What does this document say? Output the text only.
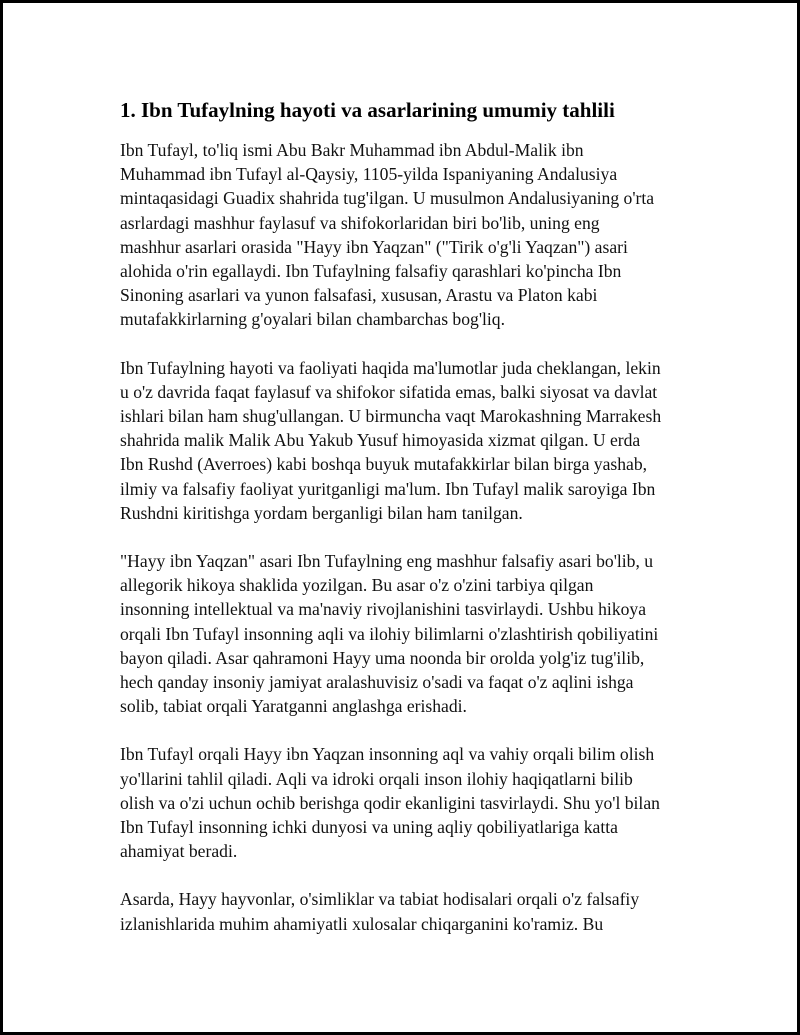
1. Ibn Tufaylning hayoti va asarlarining umumiy tahlili

Ibn Tufayl, to'liq ismi Abu Bakr Muhammad ibn Abdul-Malik ibn
Muhammad ibn Tufayl al-Qaysiy, 1105-yilda Ispaniyaning Andalusiya
mintaqasidagi Guadix shahrida tug'ilgan. U musulmon Andalusiyaning o'rta
asrlardagi mashhur faylasuf va shifokorlaridan biri bo'lib, uning eng
mashhur asarlari orasida "Hayy ibn Yaqzan" ("Tirik o'g'li Yaqzan") asari
alohida o'rin egallaydi. Ibn Tufaylning falsafiy qarashlari ko'pincha Ibn
Sinoning asarlari va yunon falsafasi, xususan, Arastu va Platon kabi
mutafakkirlarning g'oyalari bilan chambarchas bog'liq.

Ibn Tufaylning hayoti va faoliyati haqida ma'lumotlar juda cheklangan, lekin
u o'z davrida faqat faylasuf va shifokor sifatida emas, balki siyosat va davlat
ishlari bilan ham shug'ullangan. U birmuncha vaqt Marokashning Marrakesh
shahrida malik Malik Abu Yakub Yusuf himoyasida xizmat qilgan. U erda
Ibn Rushd (Averroes) kabi boshqa buyuk mutafakkirlar bilan birga yashab,
ilmiy va falsafiy faoliyat yuritganligi ma'lum. Ibn Tufayl malik saroyiga Ibn
Rushdni kiritishga yordam berganligi bilan ham tanilgan.

"Hayy ibn Yaqzan" asari Ibn Tufaylning eng mashhur falsafiy asari bo'lib, u
allegorik hikoya shaklida yozilgan. Bu asar o'z o'zini tarbiya qilgan
insonning intellektual va ma'naviy rivojlanishini tasvirlaydi. Ushbu hikoya
orqali Ibn Tufayl insonning aqli va ilohiy bilimlarni o'zlashtirish qobiliyatini
bayon qiladi. Asar qahramoni Hayy uma noonda bir orolda yolg'iz tug'ilib,
hech qanday insoniy jamiyat aralashuvisiz o'sadi va faqat o'z aqlini ishga
solib, tabiat orqali Yaratganni anglashga erishadi.

Ibn Tufayl orqali Hayy ibn Yaqzan insonning aql va vahiy orqali bilim olish
yo'llarini tahlil qiladi. Aqli va idroki orqali inson ilohiy haqiqatlarni bilib
olish va o'zi uchun ochib berishga qodir ekanligini tasvirlaydi. Shu yo'l bilan
Ibn Tufayl insonning ichki dunyosi va uning aqliy qobiliyatlariga katta
ahamiyat beradi.

Asarda, Hayy hayvonlar, o'simliklar va tabiat hodisalari orqali o'z falsafiy
izlanishlarida muhim ahamiyatli xulosalar chiqarganini ko'ramiz. Bu
